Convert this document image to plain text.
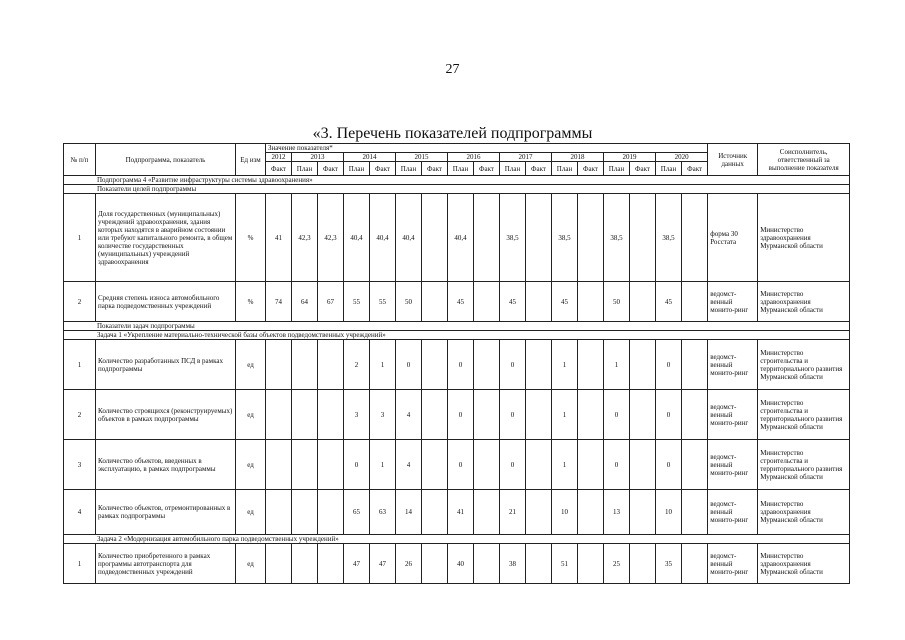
27
«3. Перечень показателей подпрограммы
№ п/п	Подпрограмма, показатель	Ед изм	Значение показателя*																	Источник данных	Соисполнитель, ответственный за выполнение показателя
			2012	2013		2014		2015		2016		2017		2018		2019		2020			
			Факт	План	Факт	План	Факт	План	Факт	План	Факт	План	Факт	План	Факт	План	Факт	План	Факт		
Подпрограмма 4 «Развитие инфраструктуры системы здравоохранения»																					
Показатели целей подпрограммы																					
1	Доля государственных (муниципальных) учреждений здравоохранения, здания которых находятся в аварийном состоянии или требуют капитального ремонта, в общем количестве государственных (муниципальных) учреждений здравоохранения	%	41	42,3	42,3	40,4	40,4	40,4		40,4		38,5		38,5		38,5		38,5		форма 30 Росстата	Министерство здравоохранения Мурманской области
2	Средняя степень износа автомобильного парка подведомственных учреждений	%	74	64	67	55	55	50		45		45		45		50		45		ведомст-венный монито-ринг	Министерство здравоохранения Мурманской области
Показатели задач подпрограммы																					
Задача 1 «Укрепление материально-технической базы объектов подведомственных учреждений»																					
1	Количество разработанных ПСД в рамках подпрограммы	ед				2	1	0		0		0		1		1		0		ведомст-венный монито-ринг	Министерство строительства и территориального развития Мурманской области
2	Количество строящихся (реконструируемых) объектов в рамках подпрограммы	ед				3	3	4		0		0		1		0		0		ведомст-венный монито-ринг	Министерство строительства и территориального развития Мурманской области
3	Количество объектов, введенных в эксплуатацию, в рамках подпрограммы	ед				0	1	4		0		0		1		0		0		ведомст-венный монито-ринг	Министерство строительства и территориального развития Мурманской области
4	Количество объектов, отремонтированных в рамках подпрограммы	ед				65	63	14		41		21		10		13		10		ведомст-венный монито-ринг	Министерство здравоохранения Мурманской области
Задача 2 «Модернизация автомобильного парка подведомственных учреждений»																					
1	Количество приобретенного в рамках программы автотранспорта для подведомственных учреждений	ед				47	47	26		40		38		51		25		35		ведомст-венный монито-ринг	Министерство здравоохранения Мурманской области
